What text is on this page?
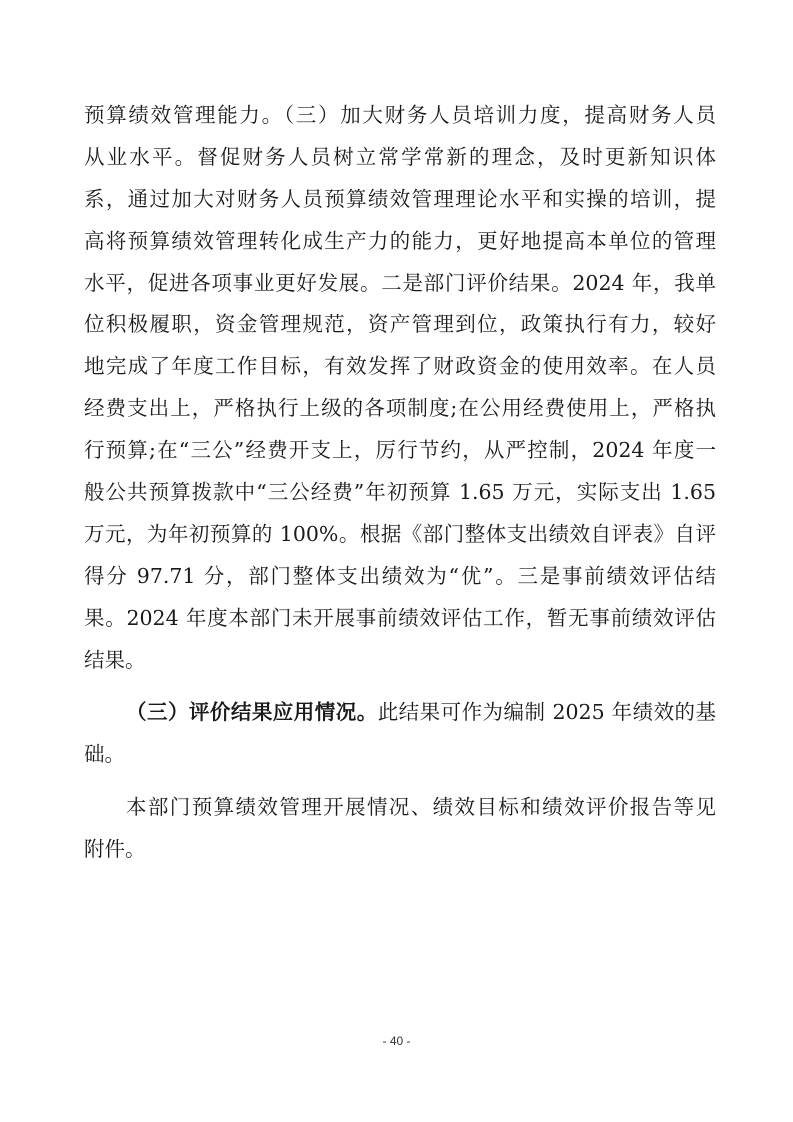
预算绩效管理能力。（三）加大财务人员培训力度，提高财务人员
从业水平。督促财务人员树立常学常新的理念，及时更新知识体
系，通过加大对财务人员预算绩效管理理论水平和实操的培训，提
高将预算绩效管理转化成生产力的能力，更好地提高本单位的管理
水平，促进各项事业更好发展。二是部门评价结果。2024 年，我单
位积极履职，资金管理规范，资产管理到位，政策执行有力，较好
地完成了年度工作目标，有效发挥了财政资金的使用效率。在人员
经费支出上，严格执行上级的各项制度;在公用经费使用上，严格执
行预算;在“三公”经费开支上，厉行节约，从严控制，2024 年度一
般公共预算拨款中“三公经费”年初预算 1.65 万元，实际支出 1.65
万元，为年初预算的 100%。根据《部门整体支出绩效自评表》自评
得分 97.71 分，部门整体支出绩效为“优”。三是事前绩效评估结
果。2024 年度本部门未开展事前绩效评估工作，暂无事前绩效评估
结果。
（三）评价结果应用情况。此结果可作为编制 2025 年绩效的基
础。
本部门预算绩效管理开展情况、绩效目标和绩效评价报告等见
附件。
- 40 -
